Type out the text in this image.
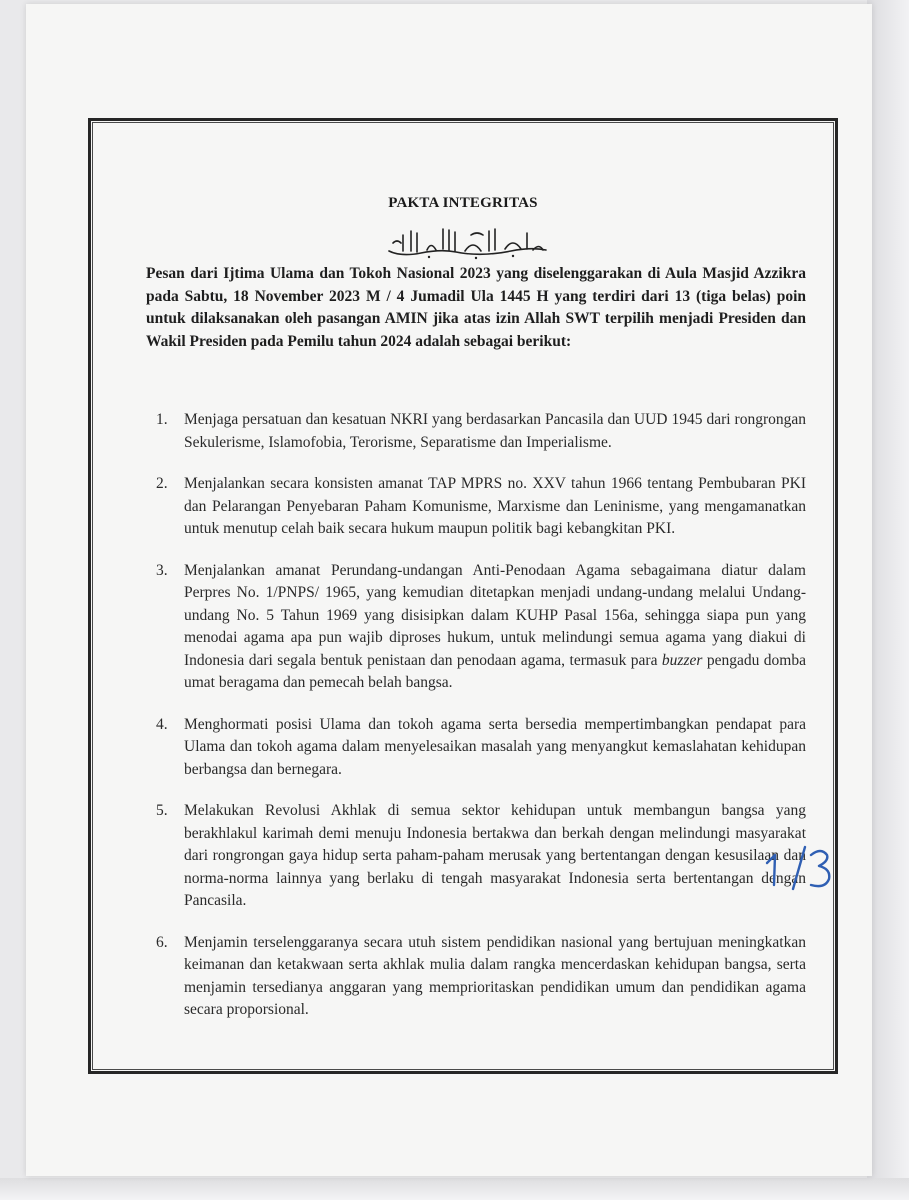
PAKTA INTEGRITAS
Pesan dari Ijtima Ulama dan Tokoh Nasional 2023 yang diselenggarakan di Aula Masjid Azzikra pada Sabtu, 18 November 2023 M / 4 Jumadil Ula 1445 H yang terdiri dari 13 (tiga belas) poin untuk dilaksanakan oleh pasangan AMIN jika atas izin Allah SWT terpilih menjadi Presiden dan Wakil Presiden pada Pemilu tahun 2024 adalah sebagai berikut:
1.	Menjaga persatuan dan kesatuan NKRI yang berdasarkan Pancasila dan UUD 1945 dari rongrongan Sekulerisme, Islamofobia, Terorisme, Separatisme dan Imperialisme.
2.	Menjalankan secara konsisten amanat TAP MPRS no. XXV tahun 1966 tentang Pembubaran PKI dan Pelarangan Penyebaran Paham Komunisme, Marxisme dan Leninisme, yang mengamanatkan untuk menutup celah baik secara hukum maupun politik bagi kebangkitan PKI.
3.	Menjalankan amanat Perundang-undangan Anti-Penodaan Agama sebagaimana diatur dalam Perpres No. 1/PNPS/ 1965, yang kemudian ditetapkan menjadi undang-undang melalui Undang-undang No. 5 Tahun 1969 yang disisipkan dalam KUHP Pasal 156a, sehingga siapa pun yang menodai agama apa pun wajib diproses hukum, untuk melindungi semua agama yang diakui di Indonesia dari segala bentuk penistaan dan penodaan agama, termasuk para buzzer pengadu domba umat beragama dan pemecah belah bangsa.
4.	Menghormati posisi Ulama dan tokoh agama serta bersedia mempertimbangkan pendapat para Ulama dan tokoh agama dalam menyelesaikan masalah yang menyangkut kemaslahatan kehidupan berbangsa dan bernegara.
5.	Melakukan Revolusi Akhlak di semua sektor kehidupan untuk membangun bangsa yang berakhlakul karimah demi menuju Indonesia bertakwa dan berkah dengan melindungi masyarakat dari rongrongan gaya hidup serta paham-paham merusak yang bertentangan dengan kesusilaan dan norma-norma lainnya yang berlaku di tengah masyarakat Indonesia serta bertentangan dengan Pancasila.
6.	Menjamin terselenggaranya secara utuh sistem pendidikan nasional yang bertujuan meningkatkan keimanan dan ketakwaan serta akhlak mulia dalam rangka mencerdaskan kehidupan bangsa, serta menjamin tersedianya anggaran yang memprioritaskan pendidikan umum dan pendidikan agama secara proporsional.
